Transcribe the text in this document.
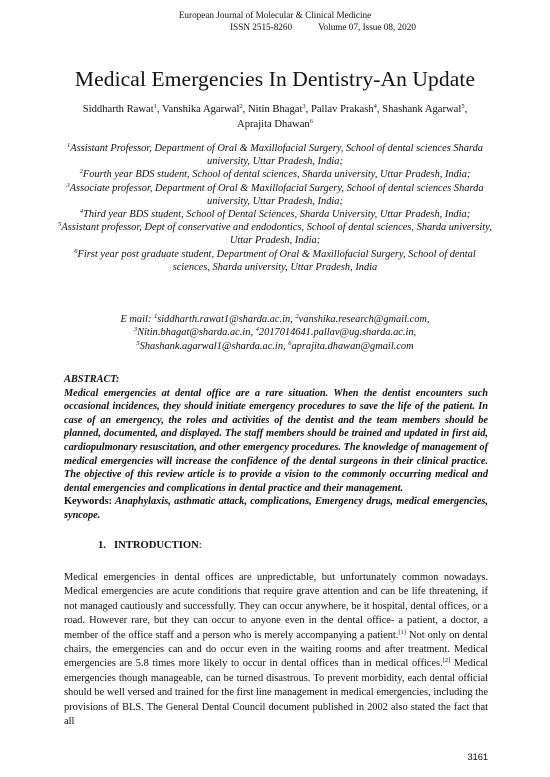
European Journal of Molecular & Clinical Medicine
ISSN 2515-8260	Volume 07, Issue 08, 2020
Medical Emergencies In Dentistry-An Update
Siddharth Rawat$^1$, Vanshika Agarwal$^2$, Nitin Bhagat$^3$, Pallav Prakash$^4$, Shashank Agarwal$^5$,
Aprajita Dhawan$^6$

$^1$Assistant Professor, Department of Oral & Maxillofacial Surgery, School of dental sciences Sharda university, Uttar Pradesh, India;

$^2$Fourth year BDS student, School of dental sciences, Sharda university, Uttar Pradesh, India;

$^3$Associate professor, Department of Oral & Maxillofacial Surgery, School of dental sciences Sharda university, Uttar Pradesh, India;

$^4$Third year BDS student, School of Dental Sciences, Sharda University, Uttar Pradesh, India;

$^5$Assistant professor, Dept of conservative and endodontics, School of dental sciences, Sharda university, Uttar Pradesh, India;

$^6$First year post graduate student, Department of Oral & Maxillofacial Surgery, School of dental sciences, Sharda university, Uttar Pradesh, India

E mail: $^1$siddharth.rawat1@sharda.ac.in, $^2$vanshika.research@gmail.com,

$^3$Nitin.bhagat@sharda.ac.in, $^4$2017014641.pallav@ug.sharda.ac.in,

$^5$Shashank.agarwal1@sharda.ac.in, $^6$aprajita.dhawan@gmail.com

ABSTRACT:

Medical emergencies at dental office are a rare situation. When the dentist encounters such occasional incidences, they should initiate emergency procedures to save the life of the patient. In case of an emergency, the roles and activities of the dentist and the team members should be planned, documented, and displayed. The staff members should be trained and updated in first aid, cardiopulmonary resuscitation, and other emergency procedures. The knowledge of management of medical emergencies will increase the confidence of the dental surgeons in their clinical practice. The objective of this review article is to provide a vision to the commonly occurring medical and dental emergencies and complications in dental practice and their management.

Keywords: Anaphylaxis, asthmatic attack, complications, Emergency drugs, medical emergencies, syncope.

1. INTRODUCTION:

Medical emergencies in dental offices are unpredictable, but unfortunately common nowadays. Medical emergencies are acute conditions that require grave attention and can be life threatening, if not managed cautiously and successfully. They can occur anywhere, be it hospital, dental offices, or a road. However rare, but they can occur to anyone even in the dental office- a patient, a doctor, a member of the office staff and a person who is merely accompanying a patient.[1] Not only on dental chairs, the emergencies can and do occur even in the waiting rooms and after treatment. Medical emergencies are 5.8 times more likely to occur in dental offices than in medical offices.[2] Medical emergencies though manageable, can be turned disastrous. To prevent morbidity, each dental official should be well versed and trained for the first line management in medical emergencies, including the provisions of BLS. The General Dental Council document published in 2002 also stated the fact that all

3161
